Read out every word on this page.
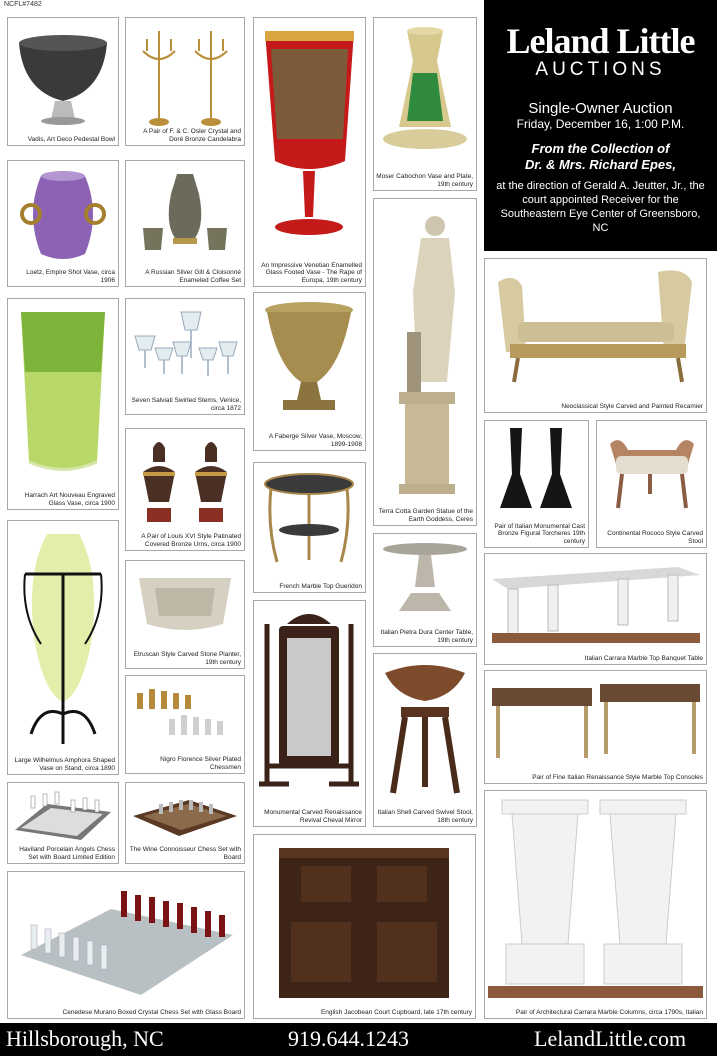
NCFL#7482
Vadis, Art Deco Pedestal Bowl
Loetz, Empire Shot Vase, circa 1906
Harrach Art Nouveau Engraved Glass Vase, circa 1900
Large Wilhelmus Amphora Shaped Vase on Stand, circa 1890
Haviland Porcelain Angels Chess Set with Board Limited Edition
A Pair of F. & C. Osler Crystal and Doré Bronze Candelabra
A Russian Silver Gilt & Cloisonné Enameled Coffee Set
Seven Salviati Swirled Stems, Venice, circa 1872
A Pair of Louis XVI Style Patinated Covered Bronze Urns, circa 1900
Etruscan Style Carved Stone Planter, 19th century
Nigro Florence Silver Plated Chessmen
The Wine Connoisseur Chess Set with Board
Cenedese Murano Boxed Crystal Chess Set with Glass Board
An Impressive Venetian Enamelled Glass Footed Vase - The Rape of Europa, 19th century
A Faberge Silver Vase, Moscow, 1899-1908
French Marble Top Gueridon
Monumental Carved Renaissance Revival Cheval Mirror
English Jacobean Court Cupboard, late 17th century
Moser Cabochon Vase and Plate, 19th century
Terra Cotta Garden Statue of the Earth Goddess, Ceres
Italian Pietra Dura Center Table, 19th century
Italian Shell Carved Swivel Stool, 18th century
Leland Little
AUCTIONS
Single-Owner Auction
Friday, December 16, 1:00 P.M.
From the Collection of
Dr. & Mrs. Richard Epes,
at the direction of Gerald A. Jeutter, Jr., the court appointed Receiver for the Southeastern Eye Center of Greensboro, NC
Neoclassical Style Carved and Painted Recamier
Pair of Italian Monumental Cast Bronze Figural Torcheres 19th century
Continental Rococo Style Carved Stool
Italian Carrara Marble Top Banquet Table
Pair of Fine Italian Renaissance Style Marble Top Consoles
Pair of Architectural Carrara Marble Columns, circa 1790s, Italian
Hillsborough, NC	919.644.1243	LelandLittle.com
